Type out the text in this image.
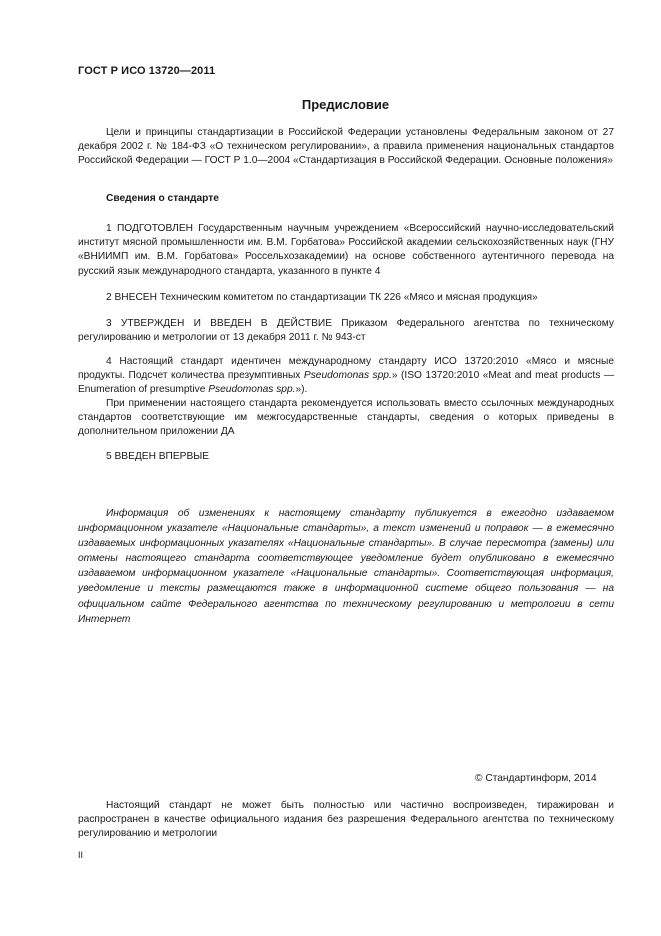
ГОСТ Р ИСО 13720—2011
Предисловие
Цели и принципы стандартизации в Российской Федерации установлены Федеральным законом от 27 декабря 2002 г. № 184-ФЗ «О техническом регулировании», а правила применения национальных стандартов Российской Федерации — ГОСТ Р 1.0—2004 «Стандартизация в Российской Федерации. Основные положения»
Сведения о стандарте
1 ПОДГОТОВЛЕН Государственным научным учреждением «Всероссийский научно-исследовательский институт мясной промышленности им. В.М. Горбатова» Российской академии сельскохозяйственных наук (ГНУ «ВНИИМП им. В.М. Горбатова» Россельхозакадемии) на основе собственного аутентичного перевода на русский язык международного стандарта, указанного в пункте 4
2 ВНЕСЕН Техническим комитетом по стандартизации ТК 226 «Мясо и мясная продукция»
3 УТВЕРЖДЕН И ВВЕДЕН В ДЕЙСТВИЕ Приказом Федерального агентства по техническому регулированию и метрологии от 13 декабря 2011 г. № 943-ст
4 Настоящий стандарт идентичен международному стандарту ИСО 13720:2010 «Мясо и мясные продукты. Подсчет количества презумптивных Pseudomonas spp.» (ISO 13720:2010 «Meat and meat products — Enumeration of presumptive Pseudomonas spp.»).
При применении настоящего стандарта рекомендуется использовать вместо ссылочных международных стандартов соответствующие им межгосударственные стандарты, сведения о которых приведены в дополнительном приложении ДА
5 ВВЕДЕН ВПЕРВЫЕ
Информация об изменениях к настоящему стандарту публикуется в ежегодно издаваемом информационном указателе «Национальные стандарты», а текст изменений и поправок — в ежемесячно издаваемых информационных указателях «Национальные стандарты». В случае пересмотра (замены) или отмены настоящего стандарта соответствующее уведомление будет опубликовано в ежемесячно издаваемом информационном указателе «Национальные стандарты». Соответствующая информация, уведомление и тексты размещаются также в информационной системе общего пользования — на официальном сайте Федерального агентства по техническому регулированию и метрологии в сети Интернет
© Стандартинформ, 2014
Настоящий стандарт не может быть полностью или частично воспроизведен, тиражирован и распространен в качестве официального издания без разрешения Федерального агентства по техническому регулированию и метрологии
II
